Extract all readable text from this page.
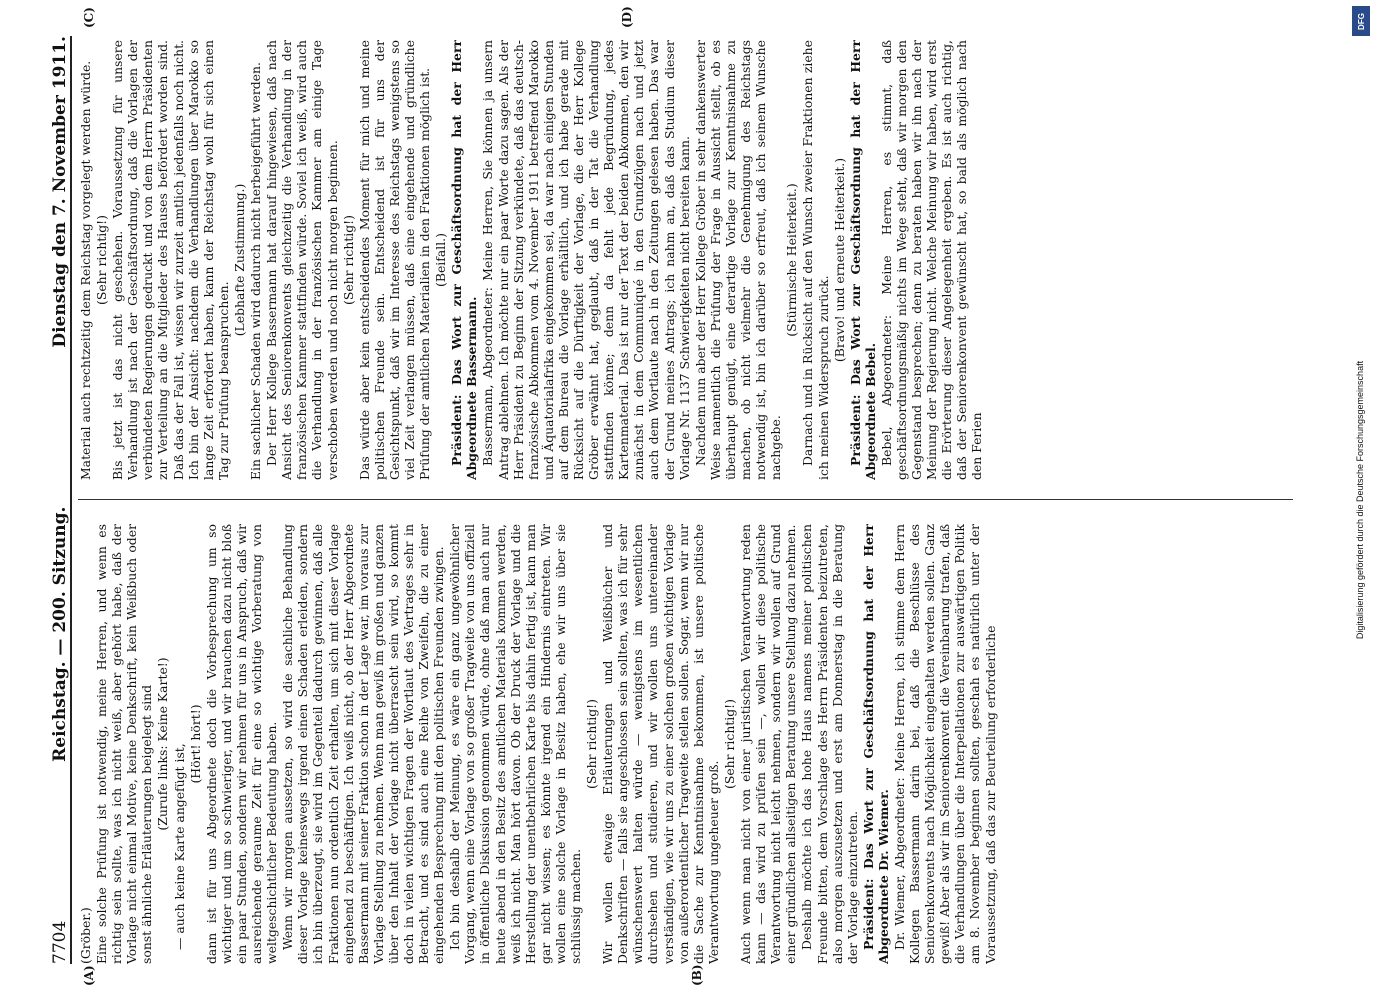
7704
Reichstag. — 200. Sitzung.
Dienstag den 7. November 1911.
(A)	(B)
(C)	(D)

(Gröber.) Eine solche Prüfung ist notwendig, meine Herren, und wenn es richtig sein sollte, was ich nicht weiß, aber gehört habe, daß der Vorlage nicht einmal Motive, keine Denkschrift, kein Weißbuch oder sonst ähnliche Erläuterungen beigelegt sind (Zurufe links: Keine Karte!) — auch keine Karte angefügt ist, (Hört! hört!) dann ist für uns Abgeordnete doch die Vorbesprechung um so wichtiger und um so schwieriger, und wir brauchen dazu nicht bloß ein paar Stunden, sondern wir nehmen für uns in Anspruch, daß wir ausreichende geraume Zeit für eine so wichtige Vorberatung von weltgeschichtlicher Bedeutung haben. Wenn wir morgen aussetzen, so wird die sachliche Behandlung dieser Vorlage keineswegs irgend einen Schaden erleiden, sondern ich bin überzeugt, sie wird im Gegenteil dadurch gewinnen, daß alle Fraktionen nun ordentlich Zeit erhalten, um sich mit dieser Vorlage eingehend zu beschäftigen. Ich weiß nicht, ob der Herr Abgeordnete Bassermann mit seiner Fraktion schon in der Lage war, im voraus zur Vorlage Stellung zu nehmen. Wenn man gewiß im großen und ganzen über den Inhalt der Vorlage nicht überrascht sein wird, so kommt doch in vielen wichtigen Fragen der Wortlaut des Vertrages sehr in Betracht, und es sind auch eine Reihe von Zweifeln, die zu einer eingehenden Besprechung mit den politischen Freunden zwingen. Ich bin deshalb der Meinung, es wäre ein ganz ungewöhnlicher Vorgang, wenn eine Vorlage von so großer Tragweite von uns offiziell in öffentliche Diskussion genommen würde, ohne daß man auch nur heute abend in den Besitz des amtlichen Materials kommen werden, weiß ich nicht. Man hört davon. Ob der Druck der Vorlage und die Herstellung der unentbehrlichen Karte bis dahin fertig ist, kann man gar nicht wissen; es könnte irgend ein Hindernis eintreten. Wir wollen eine solche Vorlage in Besitz haben, ehe wir uns über sie schlüssig machen.

(Sehr richtig!) Wir wollen etwaige Erläuterungen und Weißbücher und Denkschriften — falls sie angeschlossen sein sollten, was ich für sehr wünschenswert halten würde — wenigstens im wesentlichen durchsehen und studieren, und wir wollen uns untereinander verständigen, wie wir uns zu einer solchen großen wichtigen Vorlage von außerordentlicher Tragweite stellen sollen. Sogar, wenn wir nur die Sache zur Kenntnisnahme bekommen, ist unsere politische Verantwortung ungeheuer groß.

(Sehr richtig!) Auch wenn man nicht von einer juristischen Verantwortung reden kann — das wird zu prüfen sein —, wollen wir diese politische Verantwortung nicht leicht nehmen, sondern wir wollen auf Grund einer gründlichen allseitigen Beratung unsere Stellung dazu nehmen. Deshalb möchte ich das hohe Haus namens meiner politischen Freunde bitten, dem Vorschlage des Herrn Präsidenten beizutreten, also morgen auszusetzen und erst am Donnerstag in die Beratung der Vorlage einzutreten. Präsident: Das Wort zur Geschäftsordnung hat der Herr Abgeordnete Dr. Wiemer. Dr. Wiemer, Abgeordneter: Meine Herren, ich stimme dem Herrn Kollegen Bassermann darin bei, daß die Beschlüsse des Seniorenkonvents nach Möglichkeit eingehalten werden sollen. Ganz gewiß! Aber als wir im Seniorenkonvent die Vereinbarung trafen, daß die Verhandlungen über die Interpellationen zur auswärtigen Politik am 8. November beginnen sollten, geschah es natürlich unter der Voraussetzung, daß das zur Beurteilung erforderliche

Material auch rechtzeitig dem Reichstag vorgelegt werden würde. (Sehr richtig!) Bis jetzt ist das nicht geschehen. Voraussetzung für unsere Verhandlung ist nach der Geschäftsordnung, daß die Vorlagen der verbündeten Regierungen gedruckt und von dem Herrn Präsidenten zur Verteilung an die Mitglieder des Hauses befördert worden sind. Daß das der Fall ist, wissen wir zurzeit amtlich jedenfalls noch nicht. Ich bin der Ansicht: nachdem die Verhandlungen über Marokko so lange Zeit erfordert haben, kann der Reichstag wohl für sich einen Tag zur Prüfung beanspruchen.

(Lebhafte Zustimmung.) Ein sachlicher Schaden wird dadurch nicht herbeigeführt werden. Der Herr Kollege Bassermann hat darauf hingewiesen, daß nach Ansicht des Seniorenkonvents gleichzeitig die Verhandlung in der französischen Kammer stattfinden würde. Soviel ich weiß, wird auch die Verhandlung in der französischen Kammer am einige Tage verschoben werden und noch nicht morgen beginnen. (Sehr richtig!) Das würde aber kein entscheidendes Moment für mich und meine politischen Freunde sein. Entscheidend ist für uns der Gesichtspunkt, daß wir im Interesse des Reichstags wenigstens so viel Zeit verlangen müssen, daß eine eingehende und gründliche Prüfung der amtlichen Materialien in den Fraktionen möglich ist. (Beifall.) Präsident: Das Wort zur Geschäftsordnung hat der Herr Abgeordnete Bassermann. Bassermann, Abgeordneter: Meine Herren, Sie können ja unsern Antrag ablehnen. Ich möchte nur ein paar Worte dazu sagen. Als der Herr Präsident zu Beginn der Sitzung verkündete, daß das deutsch-französische Abkommen vom 4. November 1911 betreffend Marokko und Äquatorialafrika eingekommen sei, da war nach einigen Stunden auf dem Bureau die Vorlage erhältlich, und ich habe gerade mit Rücksicht auf die Dürftigkeit der Vorlage, die der Herr Kollege Gröber erwähnt hat, geglaubt, daß in der Tat die Verhandlung stattfinden könne; denn da fehlt jede Begründung, jedes Kartenmaterial. Das ist nur der Text der beiden Abkommen, den wir zunächst in dem Communiqué in den Grundzügen nach und jetzt auch dem Wortlaute nach in den Zeitungen gelesen haben. Das war der Grund meines Antrags; ich nahm an, daß das Studium dieser Vorlage Nr. 1137 Schwierigkeiten nicht bereiten kann. Nachdem nun aber der Herr Kollege Gröber in sehr dankenswerter Weise namentlich die Prüfung der Frage in Aussicht stellt, ob es überhaupt genügt, eine derartige Vorlage zur Kenntnisnahme zu machen, ob nicht vielmehr die Genehmigung des Reichstags notwendig ist, bin ich darüber so erfreut, daß ich seinem Wunsche nachgebe.

(Stürmische Heiterkeit.) Darnach und in Rücksicht auf den Wunsch zweier Fraktionen ziehe ich meinen Widerspruch zurück.

(Bravo! und erneute Heiterkeit.) Präsident: Das Wort zur Geschäftsordnung hat der Herr Abgeordnete Bebel. Bebel, Abgeordneter: Meine Herren, es stimmt, daß geschäftsordnungsmäßig nichts im Wege steht, daß wir morgen den Gegenstand besprechen; denn zu beraten haben wir ihn nach der Meinung der Regierung nicht. Welche Meinung wir haben, wird erst die Erörterung dieser Angelegenheit ergeben. Es ist auch richtig, daß der Seniorenkonvent gewünscht hat, so bald als möglich nach den Ferien	Digitalisierung gefördert durch die Deutsche Forschungsgemeinschaft
DFG
